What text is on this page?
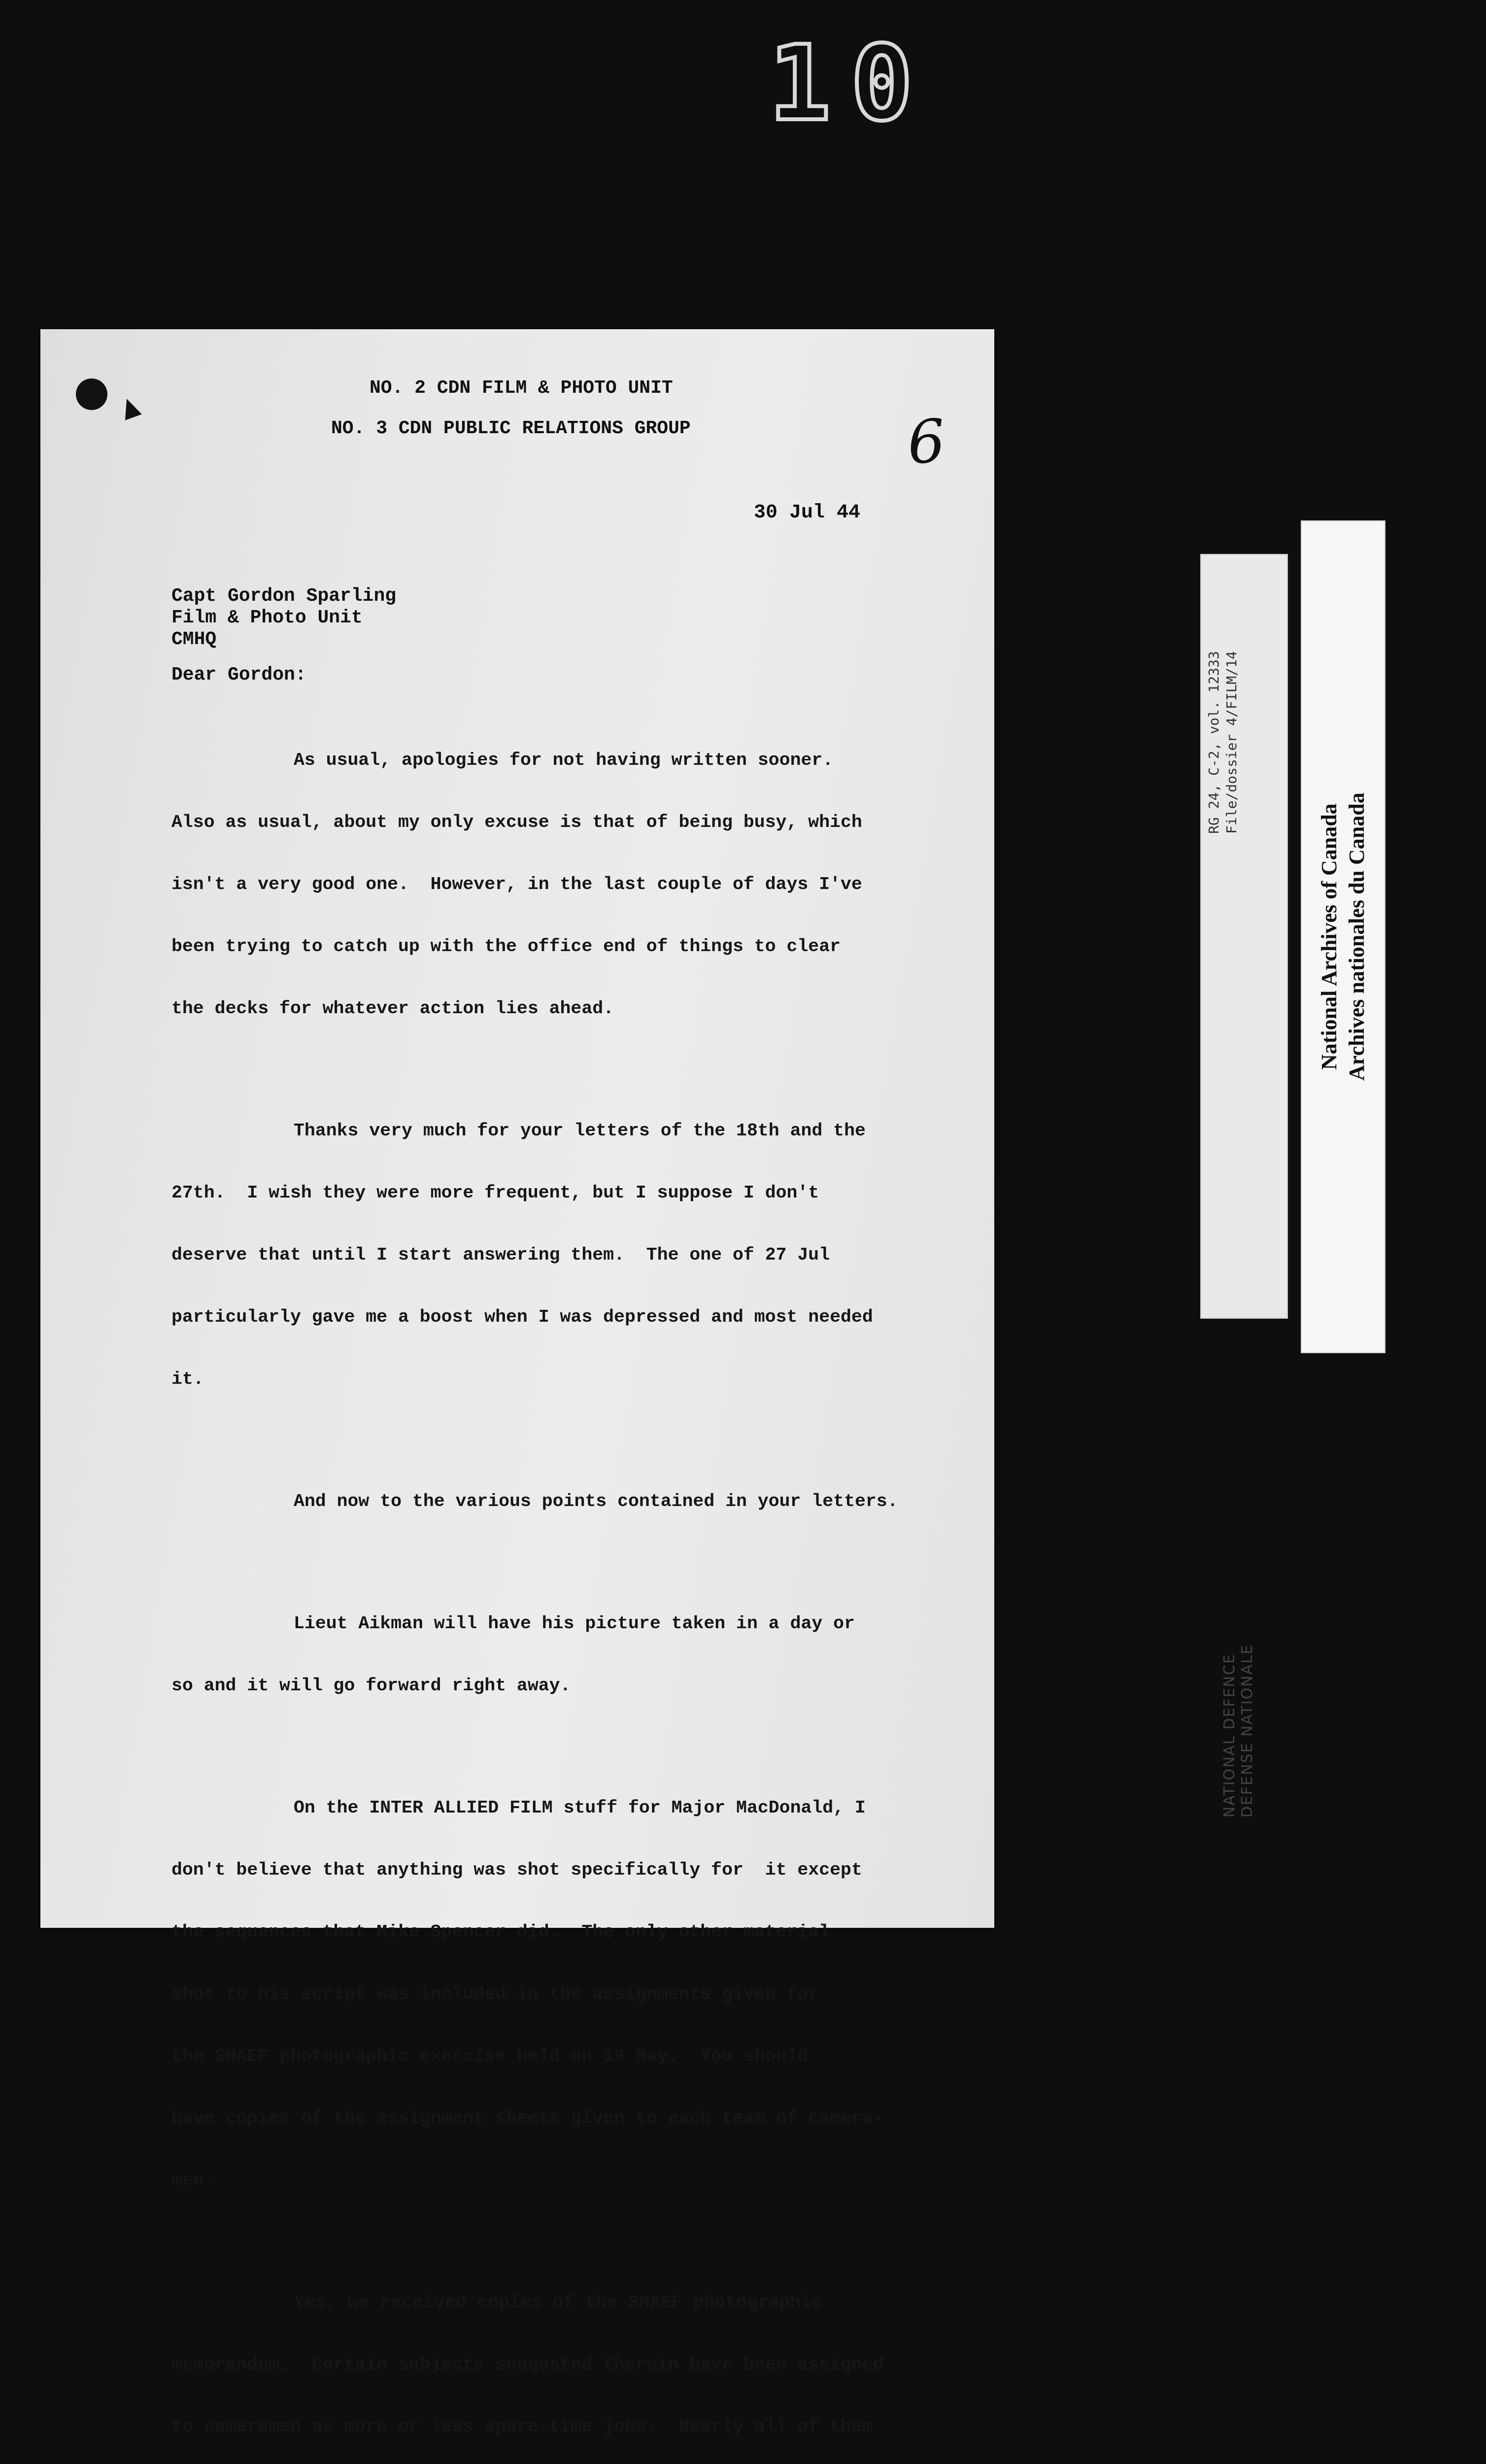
10
NO. 2 CDN FILM & PHOTO UNIT
NO. 3 CDN PUBLIC RELATIONS GROUP	6
30 Jul 44
Capt Gordon Sparling
Film & Photo Unit
CMHQ
Dear Gordon:

As usual, apologies for not having written sooner.

Also as usual, about my only excuse is that of being busy, which

isn't a very good one.  However, in the last couple of days I've

been trying to catch up with the office end of things to clear

the decks for whatever action lies ahead.

Thanks very much for your letters of the 18th and the

27th.  I wish they were more frequent, but I suppose I don't

deserve that until I start answering them.  The one of 27 Jul

particularly gave me a boost when I was depressed and most needed

it.

And now to the various points contained in your letters.

Lieut Aikman will have his picture taken in a day or

so and it will go forward right away.

On the INTER ALLIED FILM stuff for Major MacDonald, I

don't believe that anything was shot specifically for  it except

the sequences that Mike Spencer did.  The only other material

shot to his script was included in the assignments given for

the SHAEF photographic exercise held on 19 May.  You should

have copies of the assignment sheets given to each team of camera-

men.

Yes, we received copies of the SHAEF photographic

memorandum.  Certain subjects suggested therein have been assigned

to cameramen as more or less spare-time jobs.  Nearly all of them

RG 24, C-2, vol. 12333 File/dossier 4/FILM/14
NATIONAL DEFENCE
DEFENSE NATIONALE
National Archives of Canada Archives nationales du Canada
